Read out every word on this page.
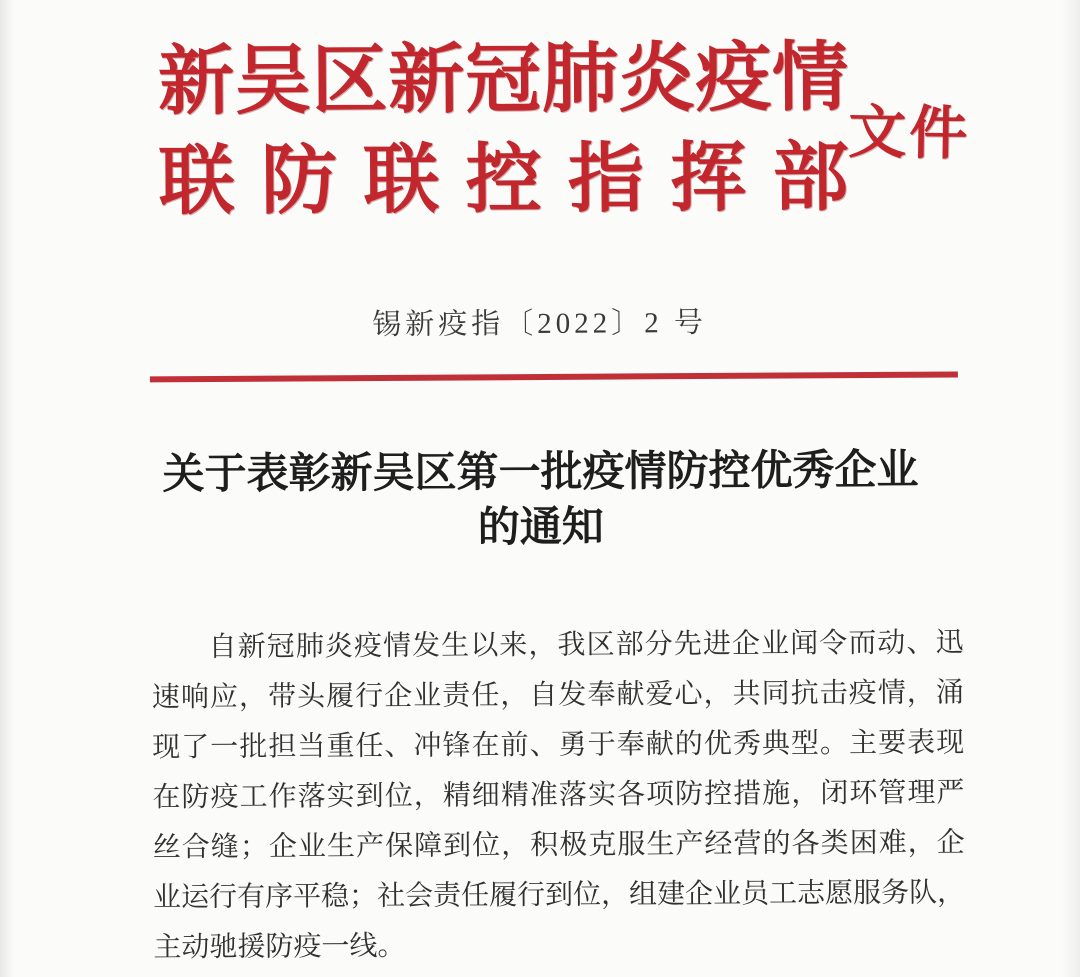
新吴区新冠肺炎疫情
联防联控指挥部
文件
锡新疫指〔2022〕2 号
关于表彰新吴区第一批疫情防控优秀企业
的通知
自新冠肺炎疫情发生以来，我区部分先进企业闻令而动、迅
速响应，带头履行企业责任，自发奉献爱心，共同抗击疫情，涌
现了一批担当重任、冲锋在前、勇于奉献的优秀典型。主要表现
在防疫工作落实到位，精细精准落实各项防控措施，闭环管理严
丝合缝；企业生产保障到位，积极克服生产经营的各类困难，企
业运行有序平稳；社会责任履行到位，组建企业员工志愿服务队，
主动驰援防疫一线。
